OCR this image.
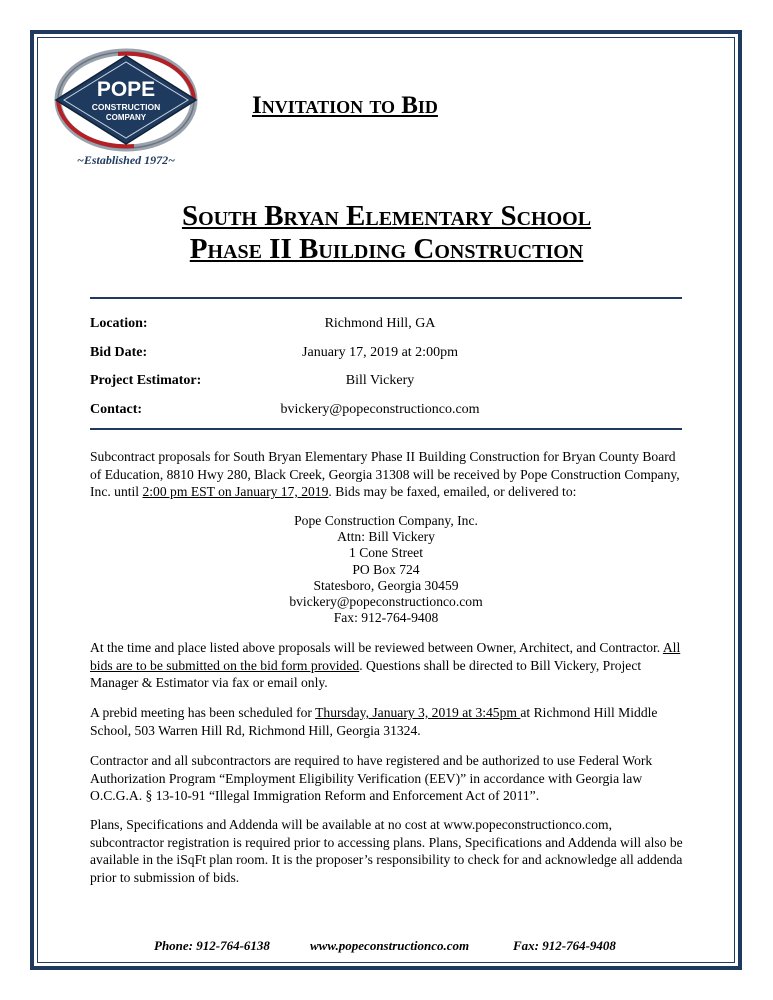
POPE
CONSTRUCTION
COMPANY
~Established 1972~
Invitation to Bid
South Bryan Elementary School
Phase II Building Construction
Location:	Richmond Hill, GA
Bid Date:	January 17, 2019 at 2:00pm
Project Estimator:	Bill Vickery
Contact:	bvickery@popeconstructionco.com

Subcontract proposals for South Bryan Elementary Phase II Building Construction for Bryan County Board of Education, 8810 Hwy 280, Black Creek, Georgia 31308 will be received by Pope Construction Company, Inc. until 2:00 pm EST on January 17, 2019. Bids may be faxed, emailed, or delivered to:

Pope Construction Company, Inc.
Attn: Bill Vickery
1 Cone Street
PO Box 724
Statesboro, Georgia 30459
bvickery@popeconstructionco.com
Fax: 912-764-9408

At the time and place listed above proposals will be reviewed between Owner, Architect, and Contractor. All bids are to be submitted on the bid form provided. Questions shall be directed to Bill Vickery, Project Manager & Estimator via fax or email only.

A prebid meeting has been scheduled for Thursday, January 3, 2019 at 3:45pm at Richmond Hill Middle School, 503 Warren Hill Rd, Richmond Hill, Georgia 31324.

Contractor and all subcontractors are required to have registered and be authorized to use Federal Work Authorization Program “Employment Eligibility Verification (EEV)” in accordance with Georgia law O.C.G.A. § 13-10-91 “Illegal Immigration Reform and Enforcement Act of 2011”.

Plans, Specifications and Addenda will be available at no cost at www.popeconstructionco.com, subcontractor registration is required prior to accessing plans. Plans, Specifications and Addenda will also be available in the iSqFt plan room. It is the proposer’s responsibility to check for and acknowledge all addenda prior to submission of bids.

Phone: 912-764-6138	www.popeconstructionco.com	Fax: 912-764-9408
